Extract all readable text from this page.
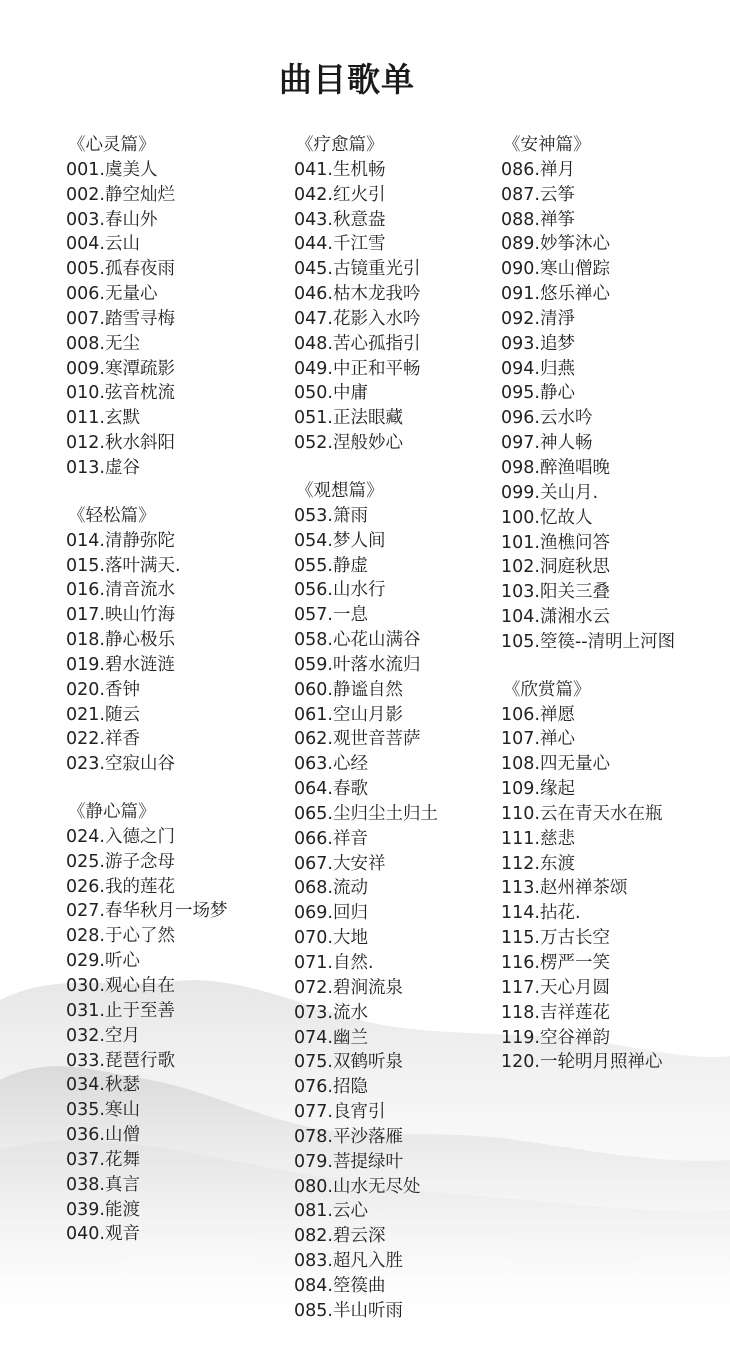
曲目歌单
《心灵篇》
001.虞美人
002.静空灿烂
003.春山外
004.云山
005.孤春夜雨
006.无量心
007.踏雪寻梅
008.无尘
009.寒潭疏影
010.弦音枕流
011.玄默
012.秋水斜阳
013.虚谷
《轻松篇》
014.清静弥陀
015.落叶满天.
016.清音流水
017.映山竹海
018.静心极乐
019.碧水涟涟
020.香钟
021.随云
022.祥香
023.空寂山谷
《静心篇》
024.入德之门
025.游子念母
026.我的莲花
027.春华秋月一场梦
028.于心了然
029.听心
030.观心自在
031.止于至善
032.空月
033.琵琶行歌
034.秋瑟
035.寒山
036.山僧
037.花舞
038.真言
039.能渡
040.观音
《疗愈篇》
041.生机畅
042.红火引
043.秋意盎
044.千江雪
045.古镜重光引
046.枯木龙我吟
047.花影入水吟
048.苦心孤指引
049.中正和平畅
050.中庸
051.正法眼藏
052.涅般妙心
《观想篇》
053.箫雨
054.梦人间
055.静虚
056.山水行
057.一息
058.心花山满谷
059.叶落水流归
060.静谧自然
061.空山月影
062.观世音菩萨
063.心经
064.春歌
065.尘归尘土归土
066.祥音
067.大安祥
068.流动
069.回归
070.大地
071.自然.
072.碧涧流泉
073.流水
074.幽兰
075.双鹤听泉
076.招隐
077.良宵引
078.平沙落雁
079.菩提绿叶
080.山水无尽处
081.云心
082.碧云深
083.超凡入胜
084.箜篌曲
085.半山听雨
《安神篇》
086.禅月
087.云筝
088.禅筝
089.妙筝沐心
090.寒山僧踪
091.悠乐禅心
092.清淨
093.追梦
094.归燕
095.静心
096.云水吟
097.神人畅
098.醉渔唱晚
099.关山月.
100.忆故人
101.渔樵问答
102.洞庭秋思
103.阳关三叠
104.潇湘水云
105.箜篌--清明上河图
《欣赏篇》
106.禅愿
107.禅心
108.四无量心
109.缘起
110.云在青天水在瓶
111.慈悲
112.东渡
113.赵州禅茶颂
114.拈花.
115.万古长空
116.楞严一笑
117.天心月圆
118.吉祥莲花
119.空谷禅韵
120.一轮明月照禅心
